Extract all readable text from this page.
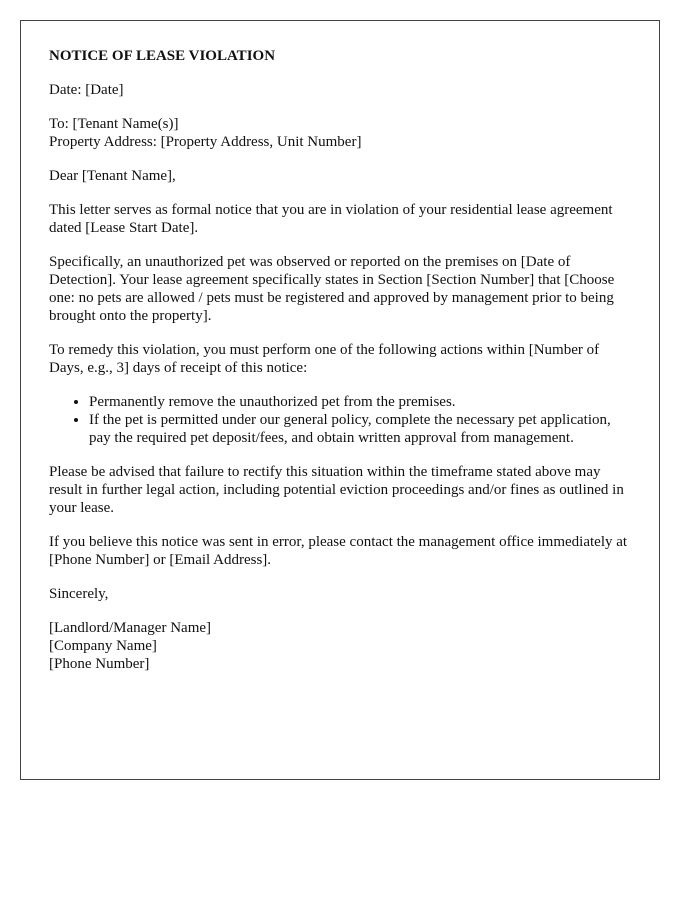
NOTICE OF LEASE VIOLATION

Date: [Date]

To: [Tenant Name(s)]
Property Address: [Property Address, Unit Number]

Dear [Tenant Name],

This letter serves as formal notice that you are in violation of your residential lease agreement dated [Lease Start Date].

Specifically, an unauthorized pet was observed or reported on the premises on [Date of Detection]. Your lease agreement specifically states in Section [Section Number] that [Choose one: no pets are allowed / pets must be registered and approved by management prior to being brought onto the property].

To remedy this violation, you must perform one of the following actions within [Number of Days, e.g., 3] days of receipt of this notice:

• Permanently remove the unauthorized pet from the premises.
• If the pet is permitted under our general policy, complete the necessary pet application, pay the required pet deposit/fees, and obtain written approval from management.

Please be advised that failure to rectify this situation within the timeframe stated above may result in further legal action, including potential eviction proceedings and/or fines as outlined in your lease.

If you believe this notice was sent in error, please contact the management office immediately at [Phone Number] or [Email Address].

Sincerely,

[Landlord/Manager Name]
[Company Name]
[Phone Number]
